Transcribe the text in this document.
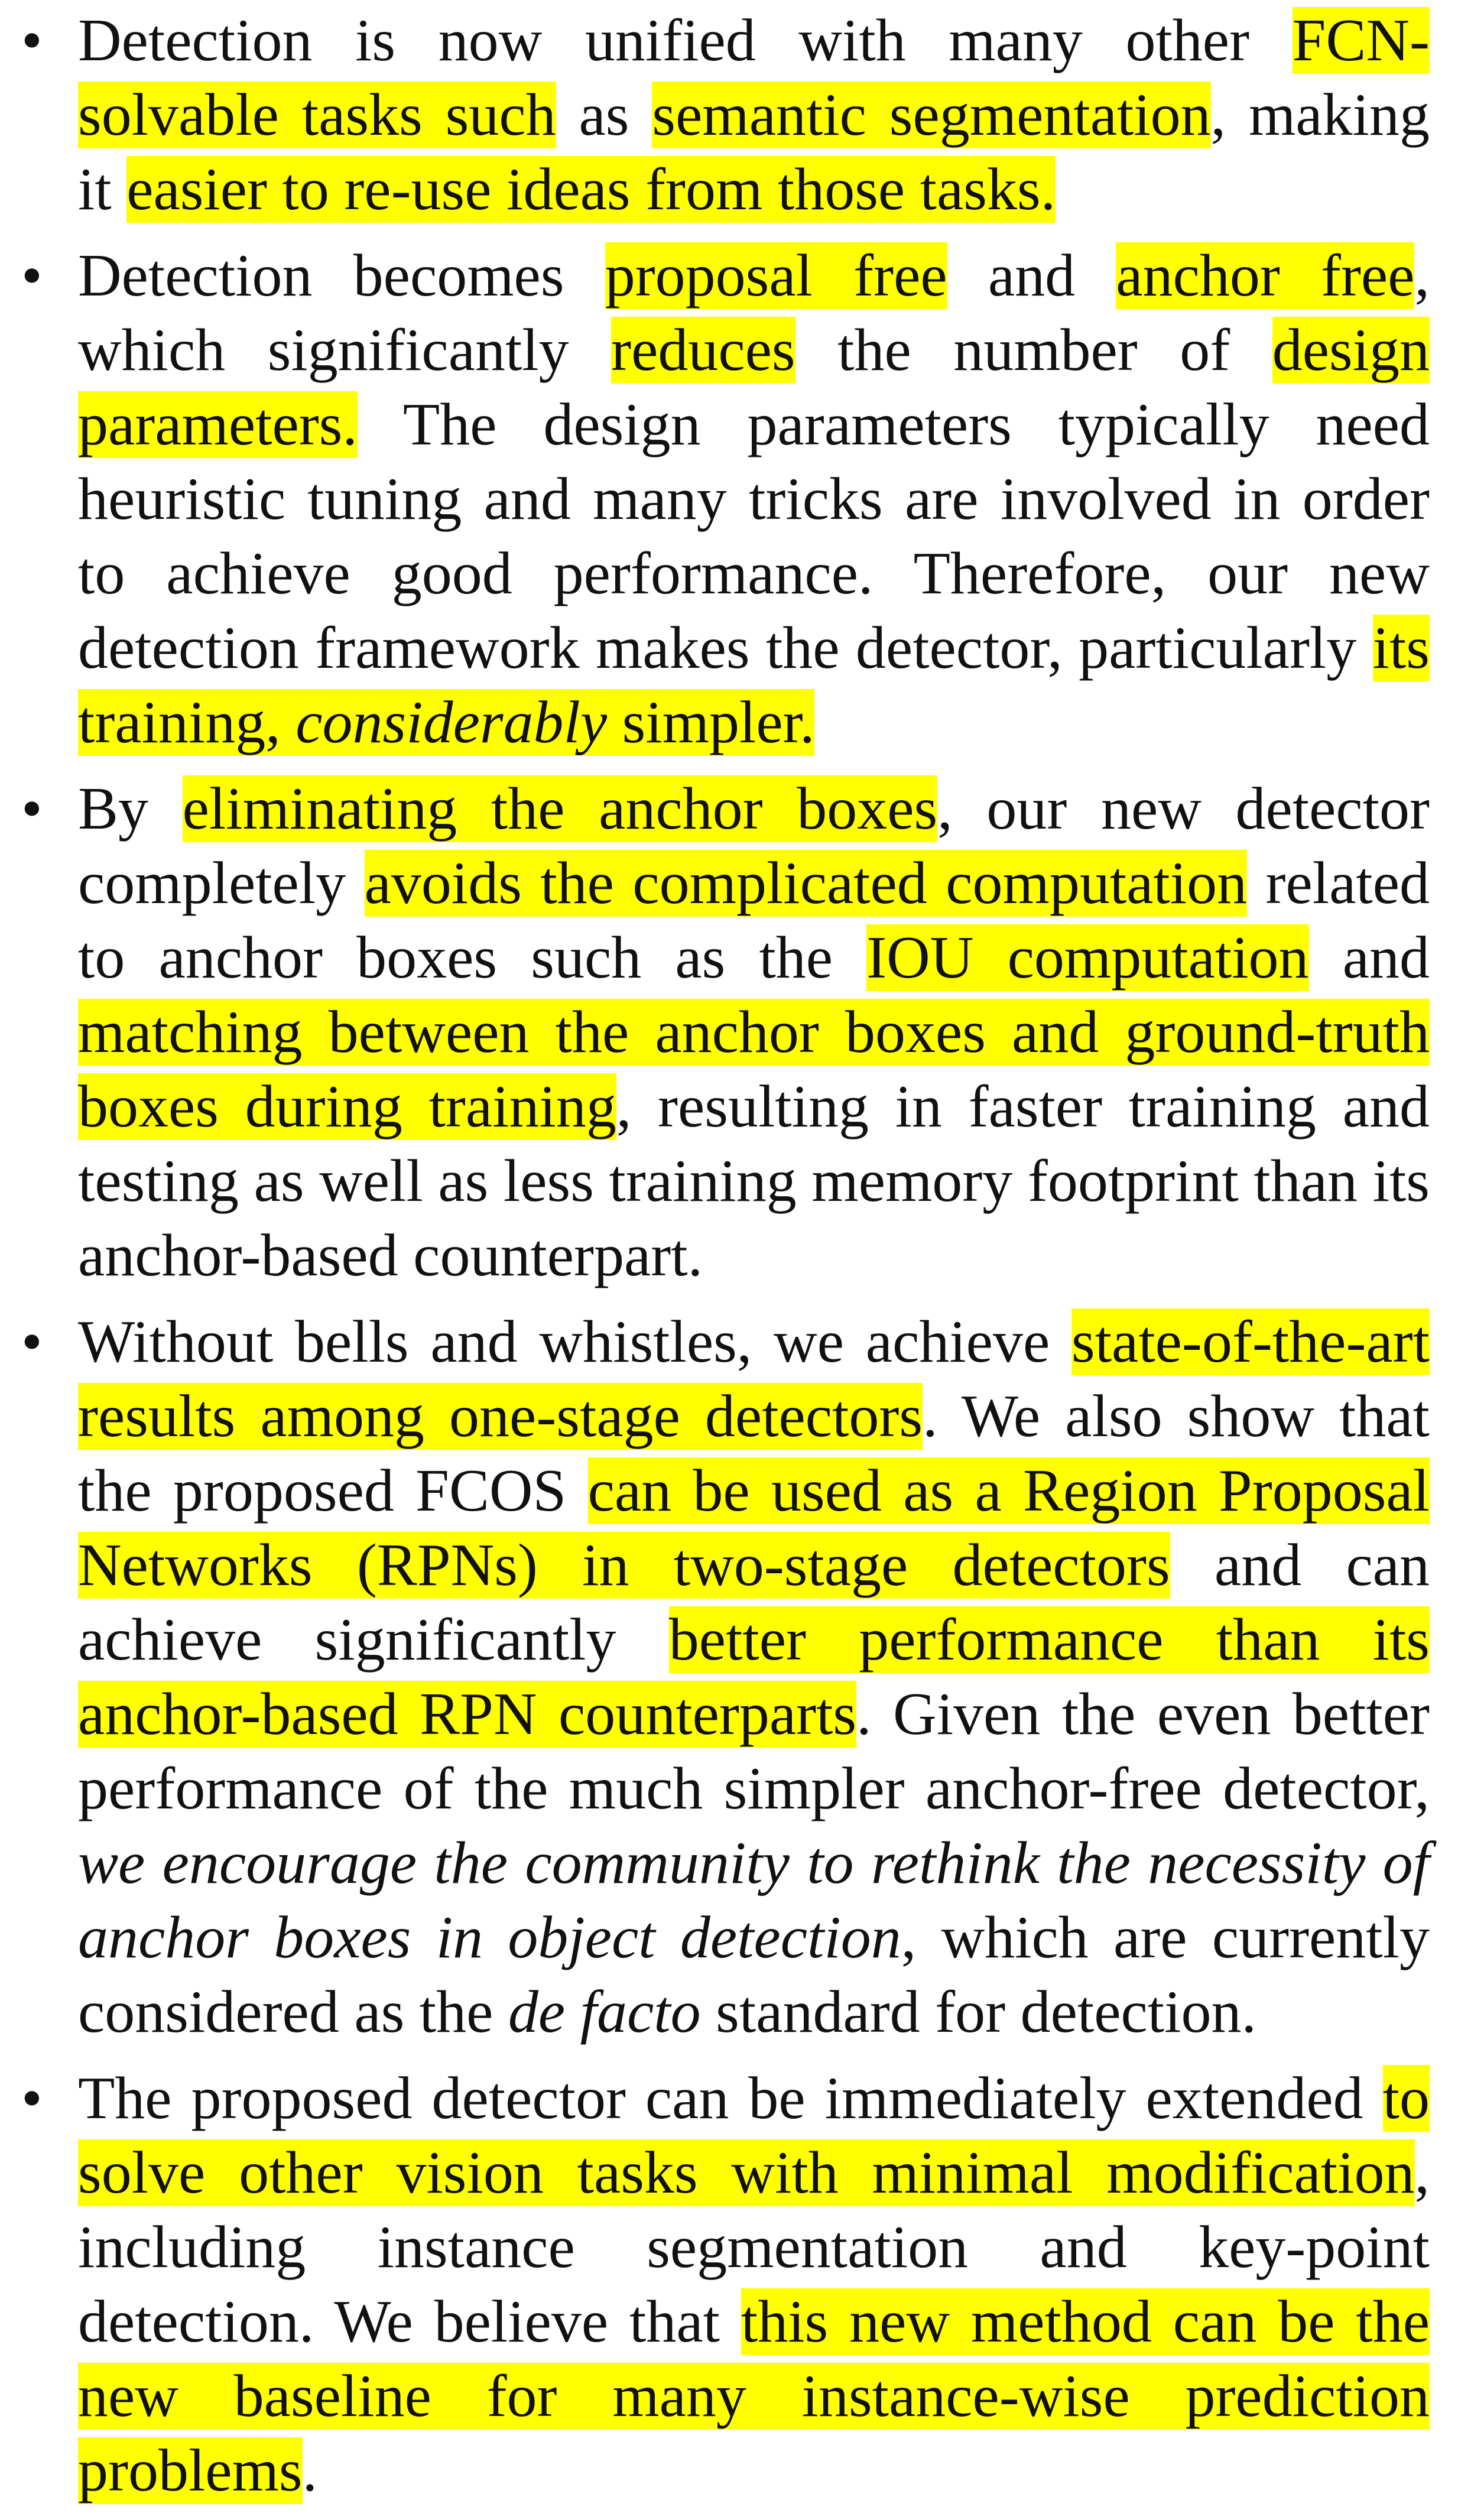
• Detection is now unified with many other FCN-solvable tasks such as semantic segmentation, making it easier to re-use ideas from those tasks.
• Detection becomes proposal free and anchor free, which significantly reduces the number of design parameters. The design parameters typically need heuristic tuning and many tricks are involved in order to achieve good performance. Therefore, our new detection framework makes the detector, particularly its training, considerably simpler.
• By eliminating the anchor boxes, our new detector completely avoids the complicated computation related to anchor boxes such as the IOU computation and matching between the anchor boxes and ground-truth boxes during training, resulting in faster training and testing as well as less training memory footprint than its anchor-based counterpart.
• Without bells and whistles, we achieve state-of-the-art results among one-stage detectors. We also show that the proposed FCOS can be used as a Region Proposal Networks (RPNs) in two-stage detectors and can achieve significantly better performance than its anchor-based RPN counterparts. Given the even better performance of the much simpler anchor-free detector, we encourage the community to rethink the necessity of anchor boxes in object detection, which are currently considered as the de facto standard for detection.
• The proposed detector can be immediately extended to solve other vision tasks with minimal modification, including instance segmentation and key-point detection. We believe that this new method can be the new baseline for many instance-wise prediction problems.
